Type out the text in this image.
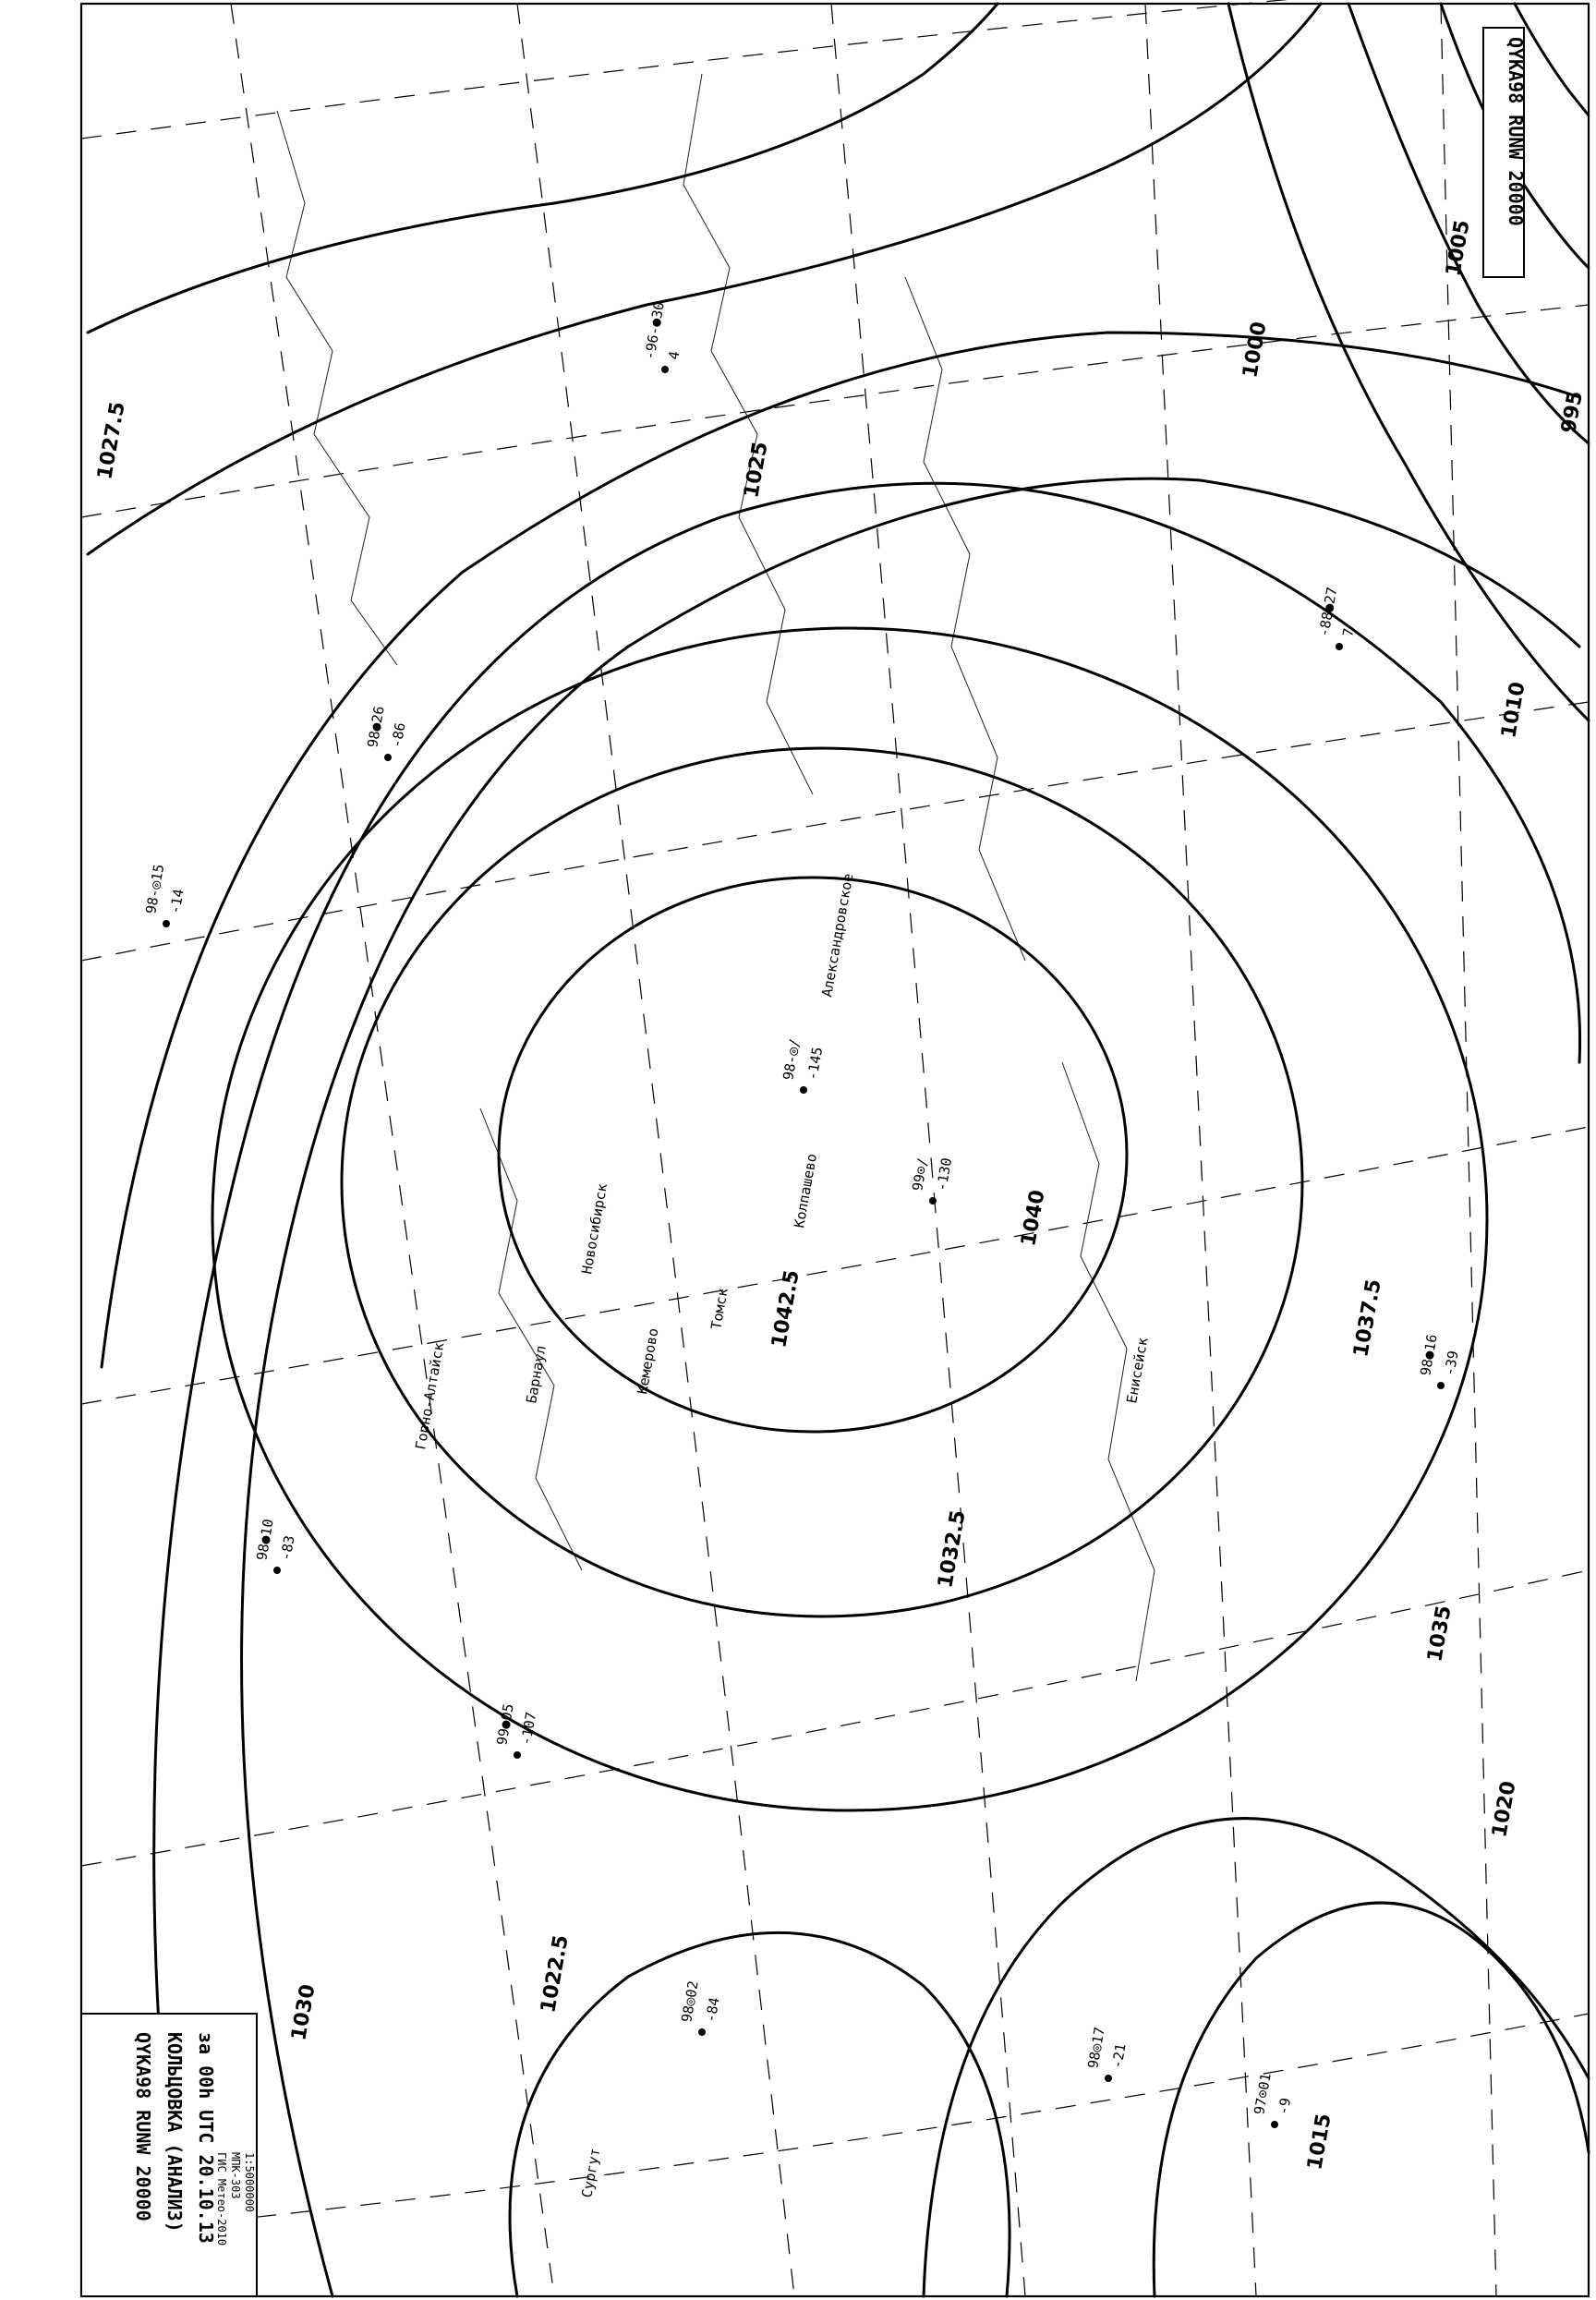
1040
1042.5	1037.5
1035
1032.5
1030
1027.5	1025
1022.5
1020
1015
1010
1005
1000
995
Александровское
Колпашево
Томск
Новосибирск
Кемерово
Барнаул
Горно-Алтайск	Енисейск
Сургут
98-◎15
-14
98●26 -86
-96-●30
4
99⊙/ -130
98-◎/ -145
-88●27
7
97⊙01 -9
98◎17 -21
99●05 -107
98●10 -83
98◎02 -84
98●16 -39
QYKA98 RUNW 20000
QYKA98 RUNW 20000 КОЛЬЦОВКА (АНАЛИЗ) за 00h UTC 20.10.13
ГИС Метео-2010 МПК-303 1:5000000
